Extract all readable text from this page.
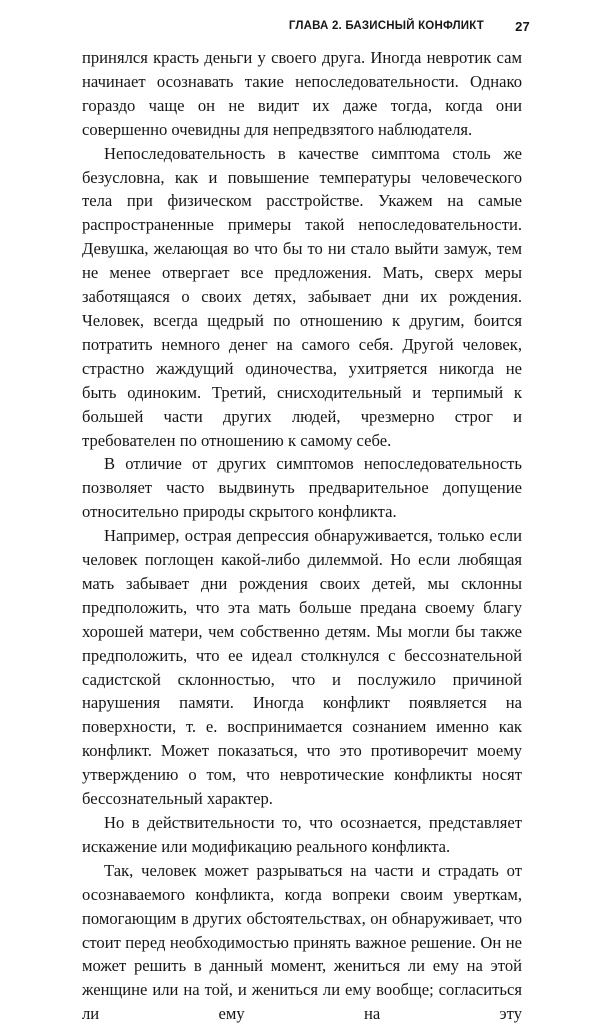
ГЛАВА 2. БАЗИСНЫЙ КОНФЛИКТ 27

принялся красть деньги у своего друга. Иногда невротик сам начинает осознавать такие непоследовательности. Однако гораздо чаще он не видит их даже тогда, когда они совершенно очевидны для непредвзятого наблюдателя.

Непоследовательность в качестве симптома столь же безусловна, как и повышение температуры человеческого тела при физическом расстройстве. Укажем на самые распространенные примеры такой непоследовательности. Девушка, желающая во что бы то ни стало выйти замуж, тем не менее отвергает все предложения. Мать, сверх меры заботящаяся о своих детях, забывает дни их рождения. Человек, всегда щедрый по отношению к другим, боится потратить немного денег на самого себя. Другой человек, страстно жаждущий одиночества, ухитряется никогда не быть одиноким. Третий, снисходительный и терпимый к большей части других людей, чрезмерно строг и требователен по отношению к самому себе.

В отличие от других симптомов непоследовательность позволяет часто выдвинуть предварительное допущение относительно природы скрытого конфликта.

Например, острая депрессия обнаруживается, только если человек поглощен какой-либо дилеммой. Но если любящая мать забывает дни рождения своих детей, мы склонны предположить, что эта мать больше предана своему благу хорошей матери, чем собственно детям. Мы могли бы также предположить, что ее идеал столкнулся с бессознательной садистской склонностью, что и послужило причиной нарушения памяти. Иногда конфликт появляется на поверхности, т. е. воспринимается сознанием именно как конфликт. Может показаться, что это противоречит моему утверждению о том, что невротические конфликты носят бессознательный характер.

Но в действительности то, что осознается, представляет искажение или модификацию реального конфликта.

Так, человек может разрываться на части и страдать от осознаваемого конфликта, когда вопреки своим уверткам, помогающим в других обстоятельствах, он обнаруживает, что стоит перед необходимостью принять важное решение. Он не может решить в данный момент, жениться ли ему на этой женщине или на той, и жениться ли ему вообще; согласиться ли ему на эту
